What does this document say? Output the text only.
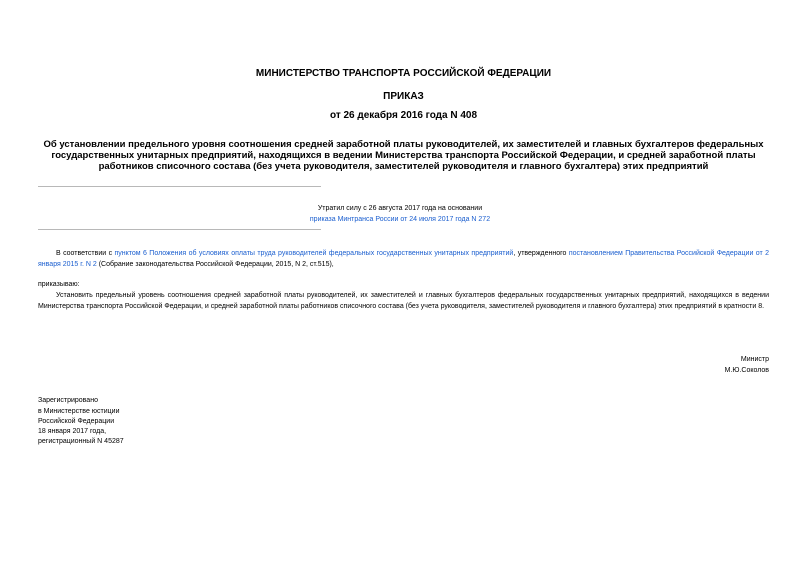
МИНИСТЕРСТВО ТРАНСПОРТА РОССИЙСКОЙ ФЕДЕРАЦИИ
ПРИКАЗ
от 26 декабря 2016 года N 408
Об установлении предельного уровня соотношения средней заработной платы руководителей, их заместителей и главных бухгалтеров федеральных государственных унитарных предприятий, находящихся в ведении Министерства транспорта Российской Федерации, и средней заработной платы работников списочного состава (без учета руководителя, заместителей руководителя и главного бухгалтера) этих предприятий
Утратил силу с 26 августа 2017 года на основании
приказа Минтранса России от 24 июля 2017 года N 272
В соответствии с пунктом 6 Положения об условиях оплаты труда руководителей федеральных государственных унитарных предприятий, утвержденного постановлением Правительства Российской Федерации от 2 января 2015 г. N 2 (Собрание законодательства Российской Федерации, 2015, N 2, ст.515),
приказываю:
Установить предельный уровень соотношения средней заработной платы руководителей, их заместителей и главных бухгалтеров федеральных государственных унитарных предприятий, находящихся в ведении Министерства транспорта Российской Федерации, и средней заработной платы работников списочного состава (без учета руководителя, заместителей руководителя и главного бухгалтера) этих предприятий в кратности 8.
Министр
М.Ю.Соколов
Зарегистрировано
в Министерстве юстиции
Российской Федерации
18 января 2017 года,
регистрационный N 45287
